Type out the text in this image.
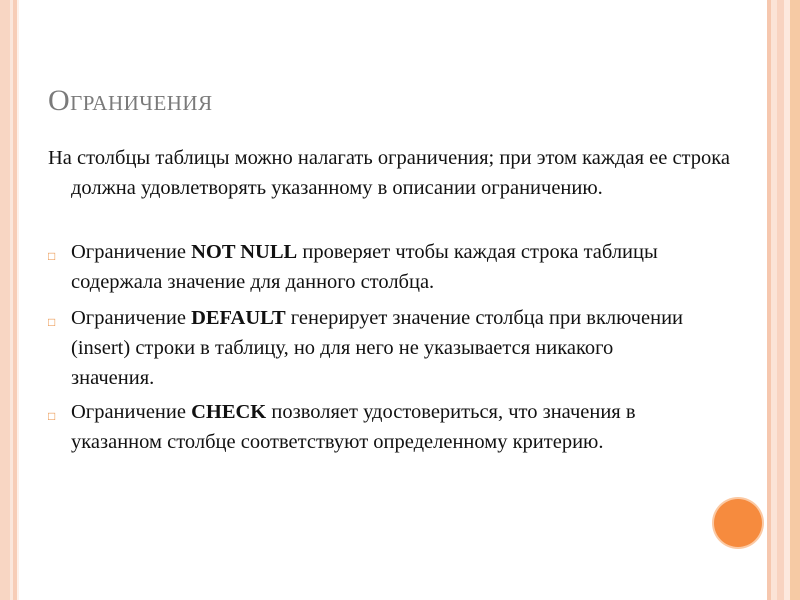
Ограничения
На столбцы таблицы можно налагать ограничения; при этом каждая ее строка должна удовлетворять указанному в описании ограничению.
□ Ограничение NOT NULL проверяет чтобы каждая строка таблицы содержала значение для данного столбца.
□ Ограничение DEFAULT генерирует значение столбца при включении (insert) строки в таблицу, но для него не указывается никакого значения.
□ Ограничение CHECK позволяет удостовериться, что значения в указанном столбце соответствуют определенному критерию.
